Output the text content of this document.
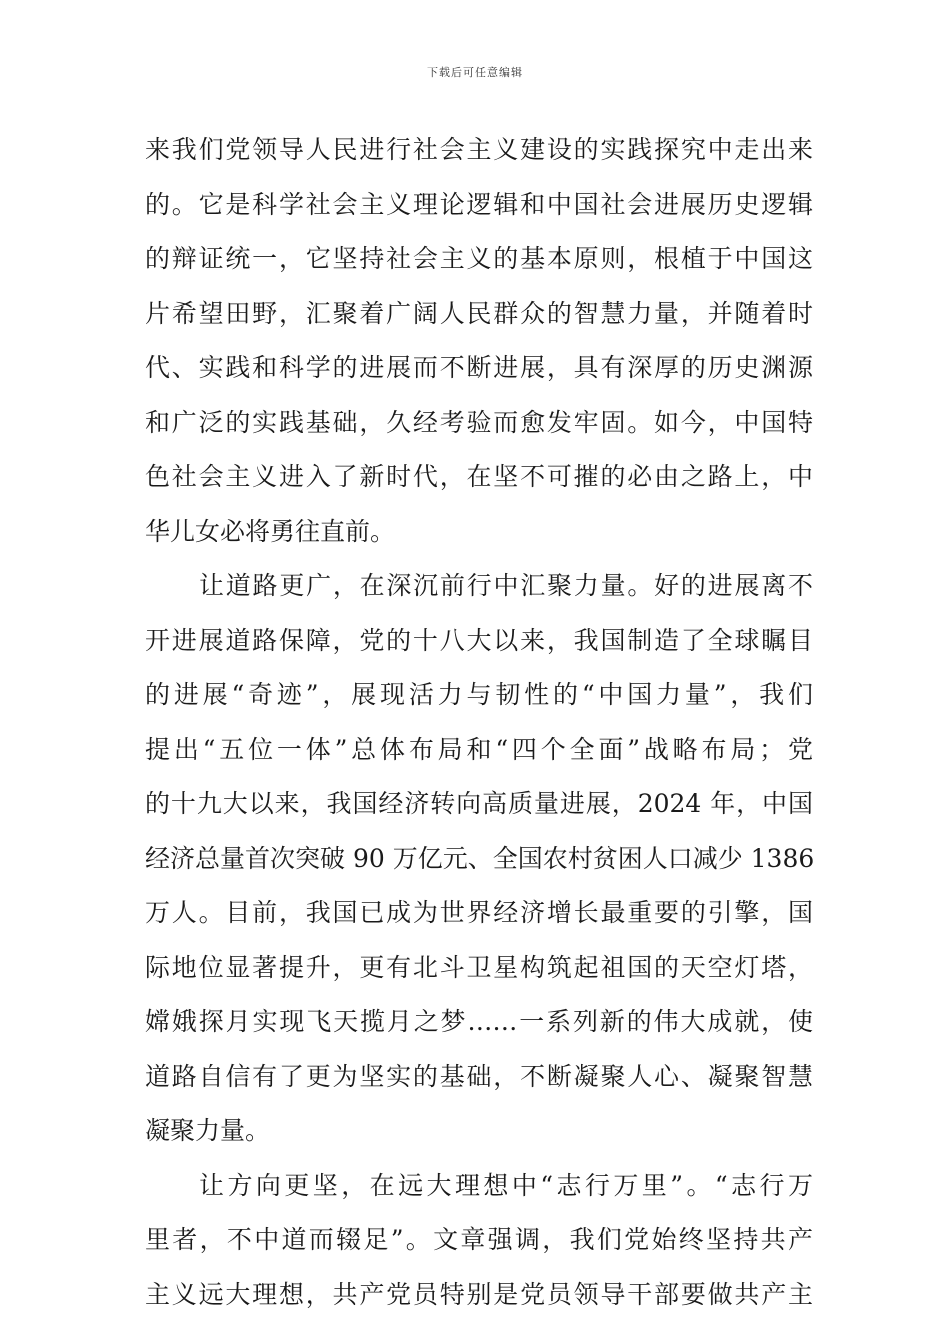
下载后可任意编辑
来我们党领导人民进行社会主义建设的实践探究中走出来
的。它是科学社会主义理论逻辑和中国社会进展历史逻辑
的辩证统一，它坚持社会主义的基本原则，根植于中国这
片希望田野，汇聚着广阔人民群众的智慧力量，并随着时
代、实践和科学的进展而不断进展，具有深厚的历史渊源
和广泛的实践基础，久经考验而愈发牢固。如今，中国特
色社会主义进入了新时代，在坚不可摧的必由之路上，中
华儿女必将勇往直前。
让道路更广，在深沉前行中汇聚力量。好的进展离不
开进展道路保障，党的十八大以来，我国制造了全球瞩目
的进展“奇迹”，展现活力与韧性的“中国力量”，我们
提出“五位一体”总体布局和“四个全面”战略布局；党
的十九大以来，我国经济转向高质量进展，2024 年，中国
经济总量首次突破 90 万亿元、全国农村贫困人口减少 1386
万人。目前，我国已成为世界经济增长最重要的引擎，国
际地位显著提升，更有北斗卫星构筑起祖国的天空灯塔，
嫦娥探月实现飞天揽月之梦……一系列新的伟大成就，使
道路自信有了更为坚实的基础，不断凝聚人心、凝聚智慧
凝聚力量。
让方向更坚，在远大理想中“志行万里”。“志行万
里者，不中道而辍足”。文章强调，我们党始终坚持共产
主义远大理想，共产党员特别是党员领导干部要做共产主
